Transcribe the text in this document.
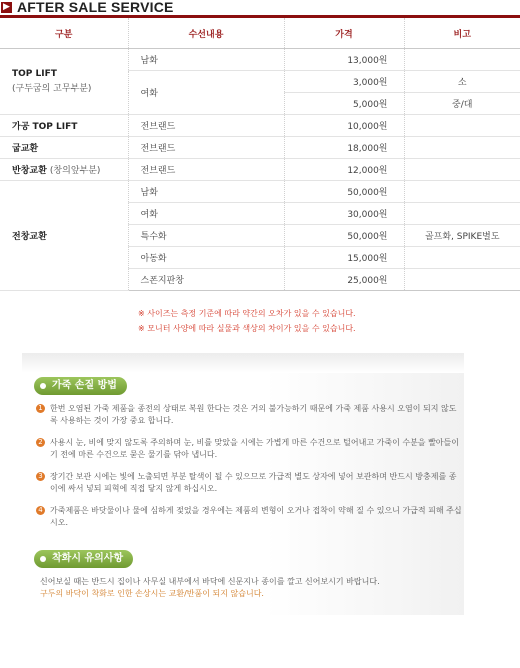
▶ AFTER SALE SERVICE
구분	수선내용	가격	비고
TOP LIFT
(구두굽의 고무부분)	남화	13,000원	
	여화	3,000원	소
		5,000원	중/대
가공 TOP LIFT	전브랜드	10,000원	
굽교환	전브랜드	18,000원	
반창교환 (창의앞부분)	전브랜드	12,000원	
전창교환	남화	50,000원	
	여화	30,000원	
	특수화	50,000원	골프화, SPIKE별도
	아동화	15,000원	
	스폰지판창	25,000원	
※ 사이즈는 측정 기준에 따라 약간의 오차가 있을 수 있습니다.
※ 모니터 사양에 따라 실물과 색상의 차이가 있을 수 있습니다.
가죽 손질 방법
1 한번 오염된 가죽 제품을 종전의 상태로 복원 한다는 것은 거의 불가능하기 때문에 가죽 제품 사용시 오염이 되지 않도록 사용하는 것이 가장 중요 합니다.
2 사용시 눈, 비에 맞지 않도록 주의하며 눈, 비를 맞았을 시에는 가볍게 마른 수건으로 털어내고 가죽이 수분을 빨아들이기 전에 마른 수건으로 묻은 물기를 닦아 냅니다.
3 장기간 보관 시에는 빛에 노출되면 부분 탈색이 될 수 있으므로 가급적 별도 상자에 넣어 보관하며 반드시 방충제를 종이에 싸서 넣되 피혁에 직접 닿지 않게 하십시오.
4 가죽제품은 바닷물이나 물에 심하게 젖었을 경우에는 제품의 변형이 오거나 접착이 약해 질 수 있으니 가급적 피해 주십시오.
착화시 유의사항
신어보실 때는 반드시 집이나 사무실 내부에서 바닥에 신문지나 종이를 깔고 신어보시기 바랍니다.
구두의 바닥이 착화로 인한 손상시는 교환/반품이 되지 않습니다.
